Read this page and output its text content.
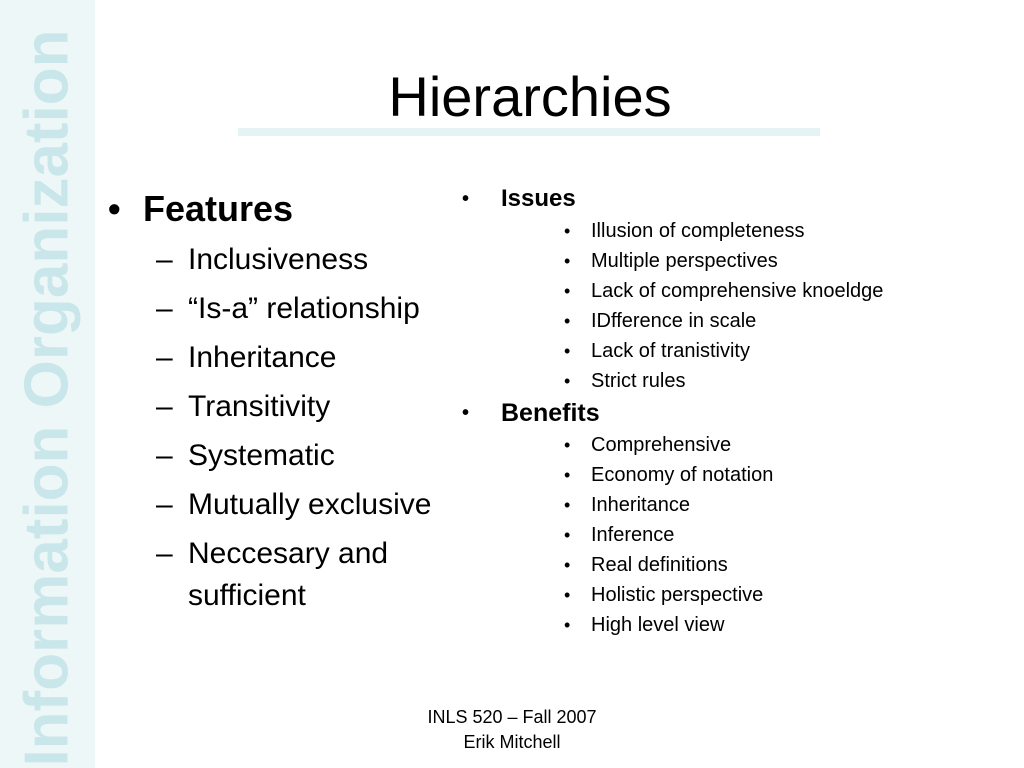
Information Organization	Hierarchies
• Features
– Inclusiveness
– “Is-a” relationship
– Inheritance
– Transitivity
– Systematic
– Mutually exclusive
– Neccesary and sufficient
• Issues
• Illusion of completeness
• Multiple perspectives
• Lack of comprehensive knoeldge
• IDfference in scale
• Lack of tranistivity
• Strict rules
• Benefits
• Comprehensive
• Economy of notation
• Inheritance
• Inference
• Real definitions
• Holistic perspective
• High level view
INLS 520 – Fall 2007
Erik Mitchell
